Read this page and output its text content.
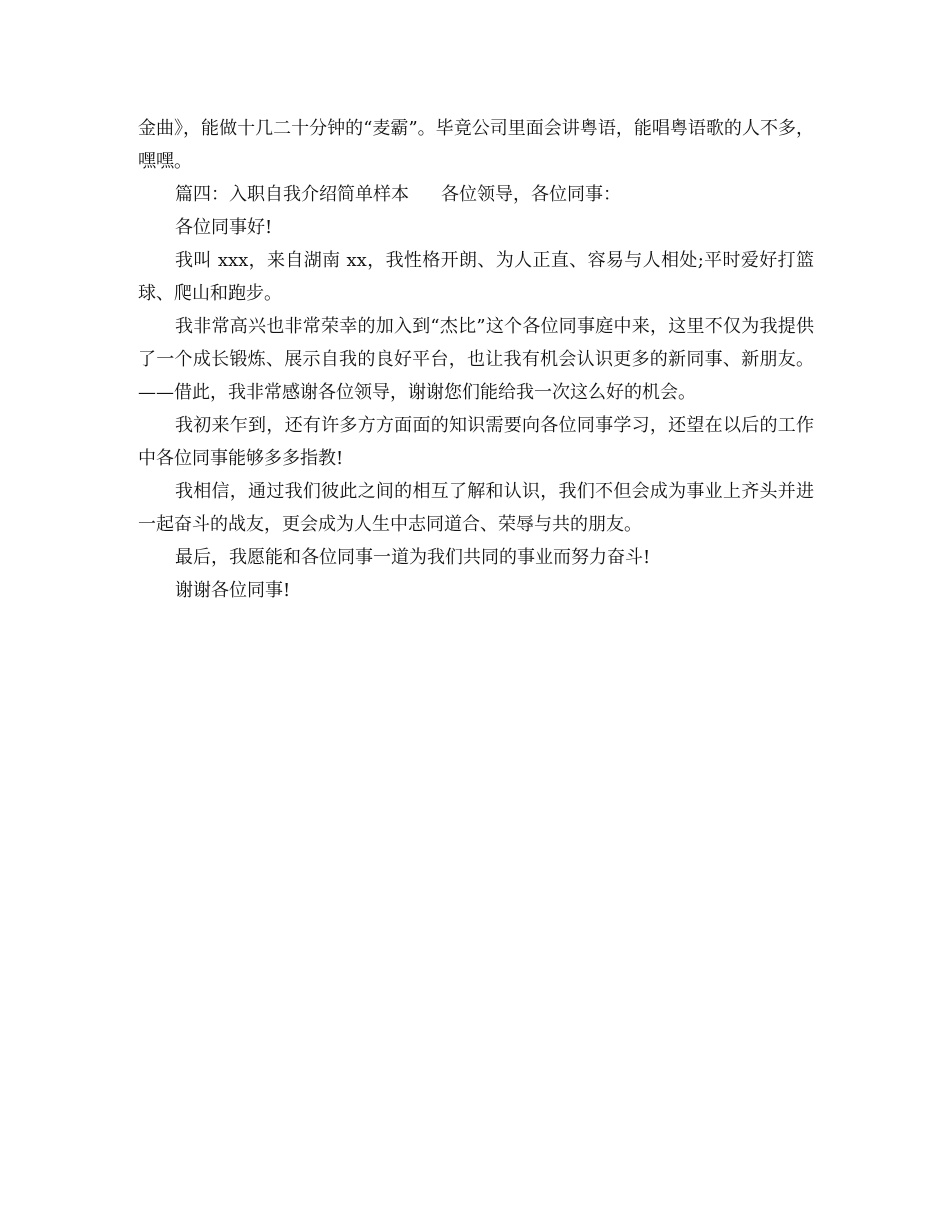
金曲》，能做十几二十分钟的“麦霸”。毕竟公司里面会讲粤语，能唱粤语歌的人不多，嘿嘿。

篇四：入职自我介绍简单样本 各位领导，各位同事：

各位同事好!

我叫 xxx，来自湖南 xx，我性格开朗、为人正直、容易与人相处;平时爱好打篮球、爬山和跑步。

我非常高兴也非常荣幸的加入到“杰比”这个各位同事庭中来，这里不仅为我提供了一个成长锻炼、展示自我的良好平台，也让我有机会认识更多的新同事、新朋友。——借此，我非常感谢各位领导，谢谢您们能给我一次这么好的机会。

我初来乍到，还有许多方方面面的知识需要向各位同事学习，还望在以后的工作中各位同事能够多多指教!

我相信，通过我们彼此之间的相互了解和认识，我们不但会成为事业上齐头并进一起奋斗的战友，更会成为人生中志同道合、荣辱与共的朋友。

最后，我愿能和各位同事一道为我们共同的事业而努力奋斗!

谢谢各位同事!
